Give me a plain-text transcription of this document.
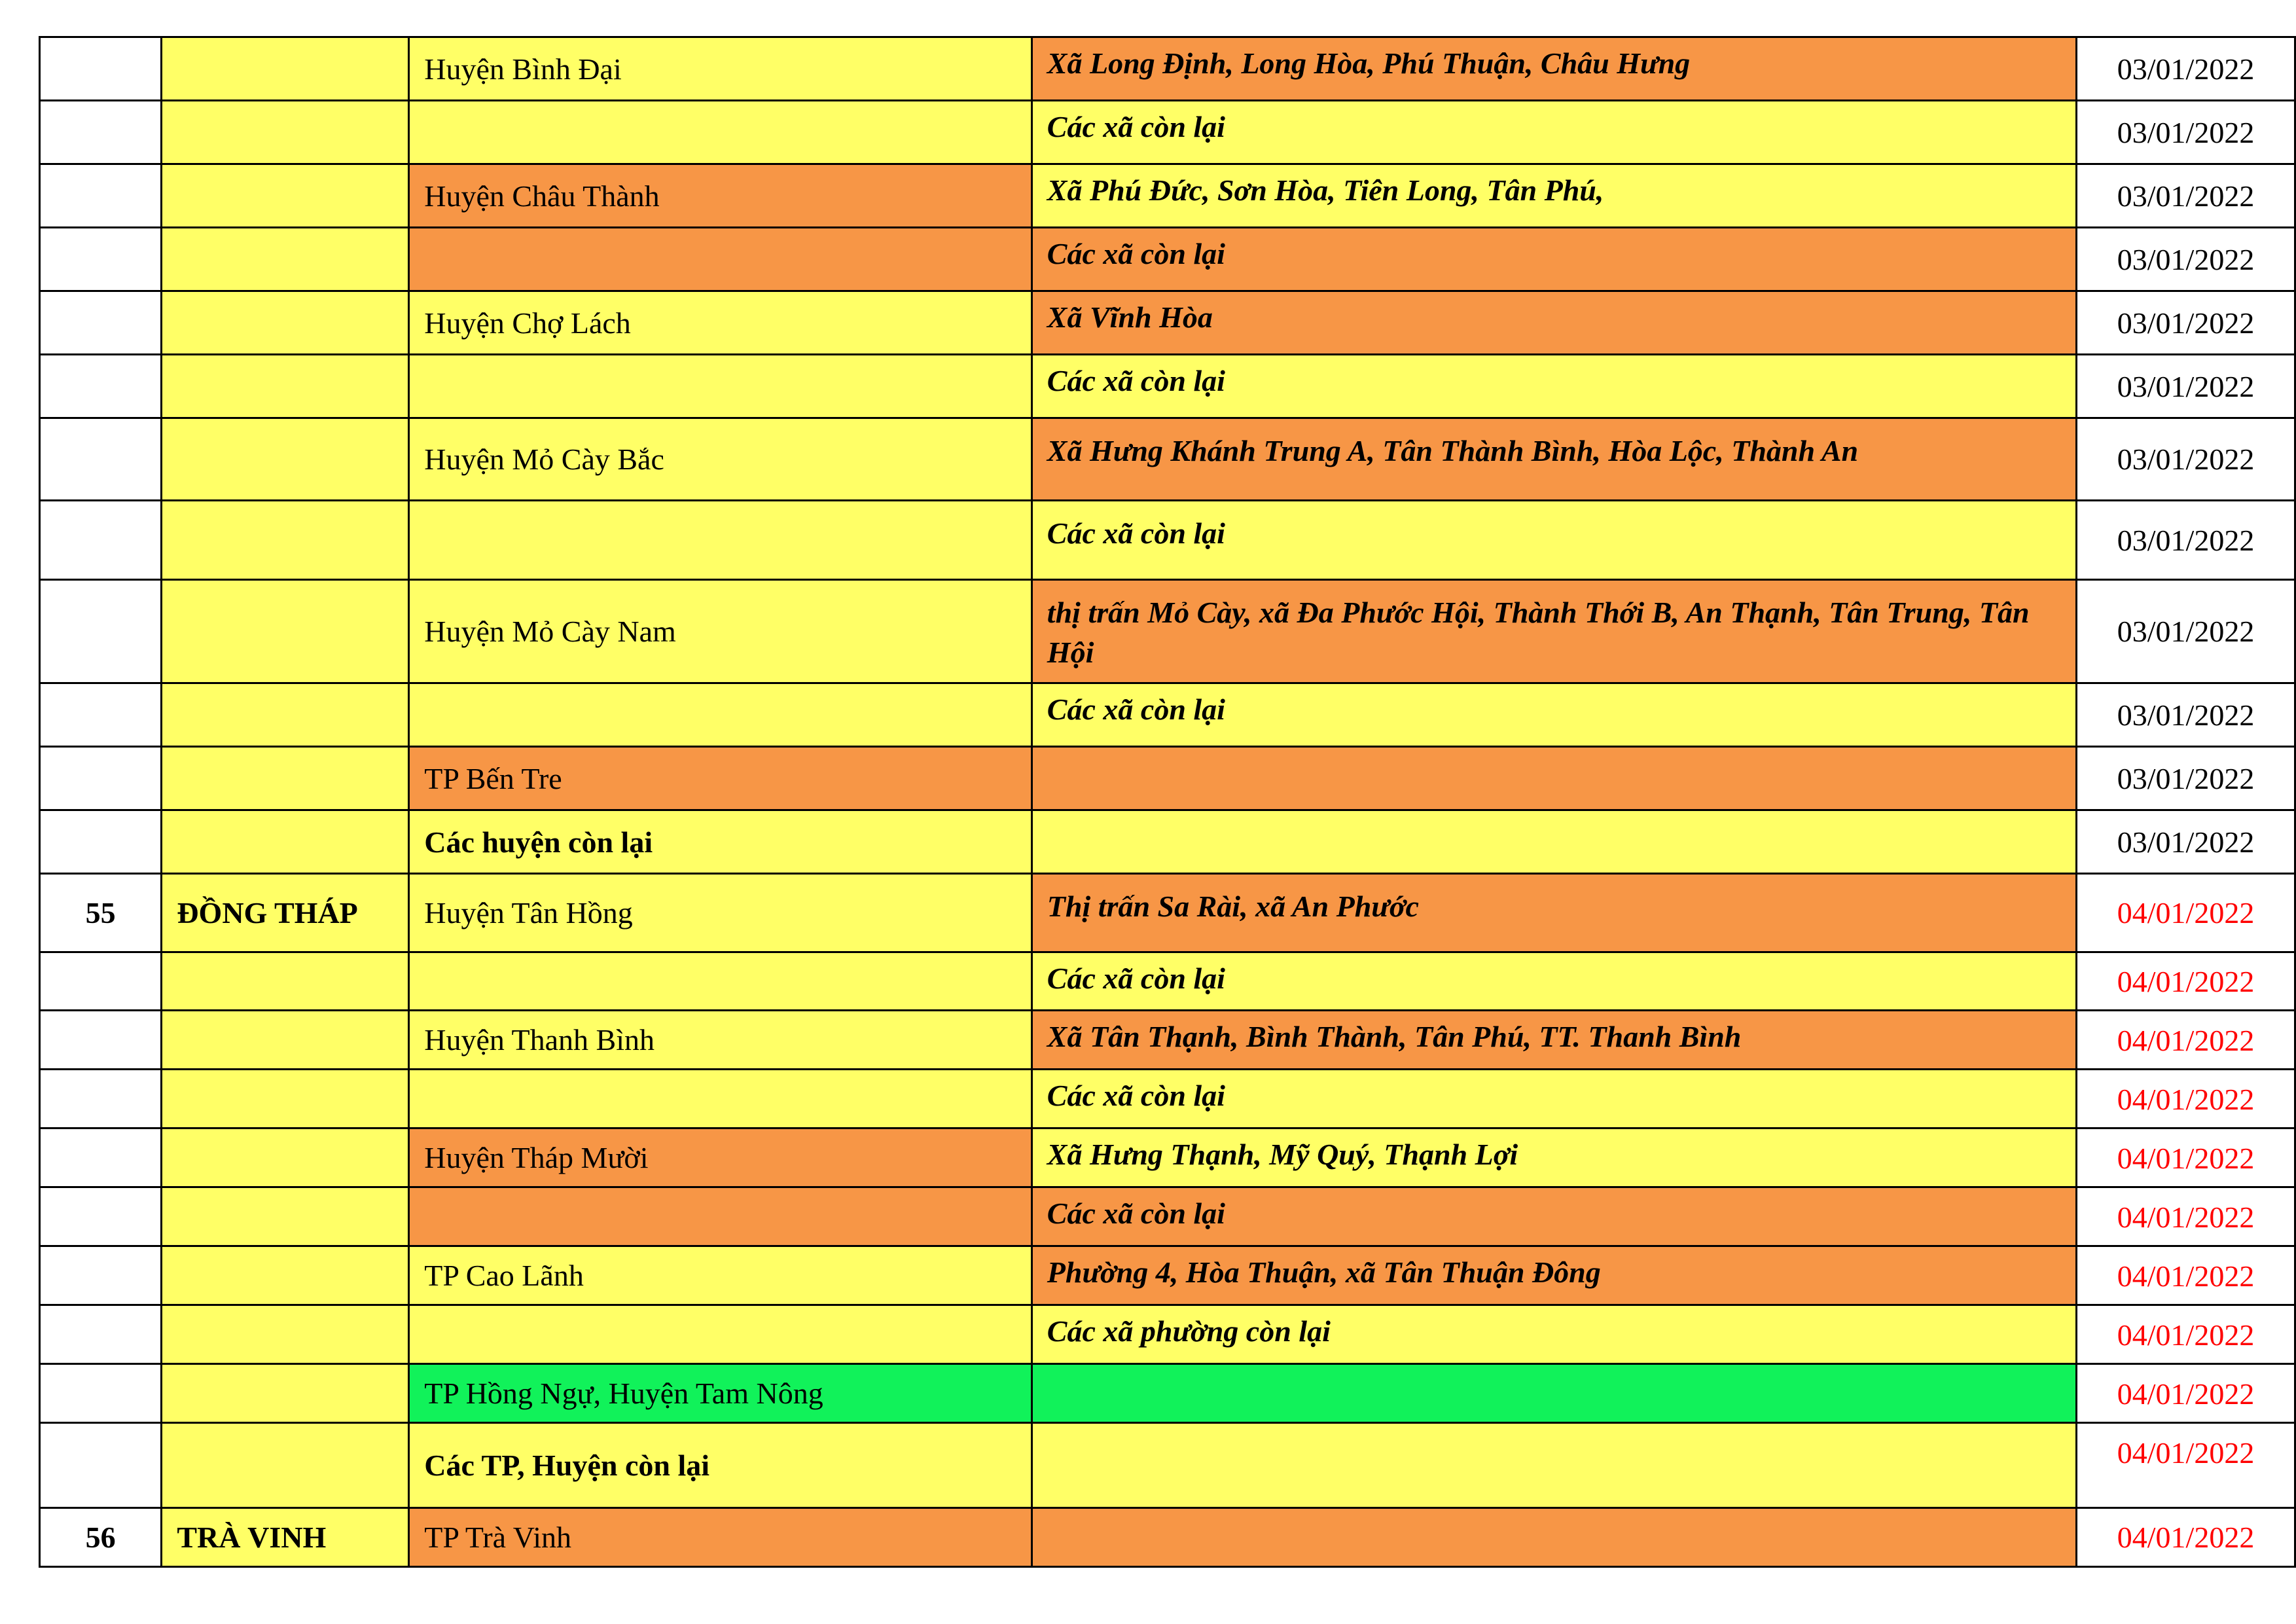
		Huyện Bình Đại	Xã Long Định, Long Hòa, Phú Thuận, Châu Hưng	03/01/2022
			Các xã còn lại	03/01/2022
		Huyện Châu Thành	Xã Phú Đức, Sơn Hòa, Tiên Long, Tân Phú,	03/01/2022
			Các xã còn lại	03/01/2022
		Huyện Chợ Lách	Xã Vĩnh Hòa	03/01/2022
			Các xã còn lại	03/01/2022
		Huyện Mỏ Cày Bắc	Xã Hưng Khánh Trung A, Tân Thành Bình, Hòa Lộc, Thành An	03/01/2022
			Các xã còn lại	03/01/2022
		Huyện Mỏ Cày Nam	thị trấn Mỏ Cày, xã Đa Phước Hội, Thành Thới B, An Thạnh, Tân Trung, Tân Hội	03/01/2022
			Các xã còn lại	03/01/2022
		TP Bến Tre		03/01/2022
		Các huyện còn lại		03/01/2022
55	ĐỒNG THÁP	Huyện Tân Hồng	Thị trấn Sa Rài, xã An Phước	04/01/2022
			Các xã còn lại	04/01/2022
		Huyện Thanh Bình	Xã Tân Thạnh, Bình Thành, Tân Phú, TT. Thanh Bình	04/01/2022
			Các xã còn lại	04/01/2022
		Huyện Tháp Mười	Xã Hưng Thạnh, Mỹ Quý, Thạnh Lợi	04/01/2022
			Các xã còn lại	04/01/2022
		TP Cao Lãnh	Phường 4, Hòa Thuận, xã Tân Thuận Đông	04/01/2022
			Các xã phường còn lại	04/01/2022
		TP Hồng Ngự, Huyện Tam Nông		04/01/2022
		Các TP, Huyện còn lại		04/01/2022
56	TRÀ VINH	TP Trà Vinh		04/01/2022
